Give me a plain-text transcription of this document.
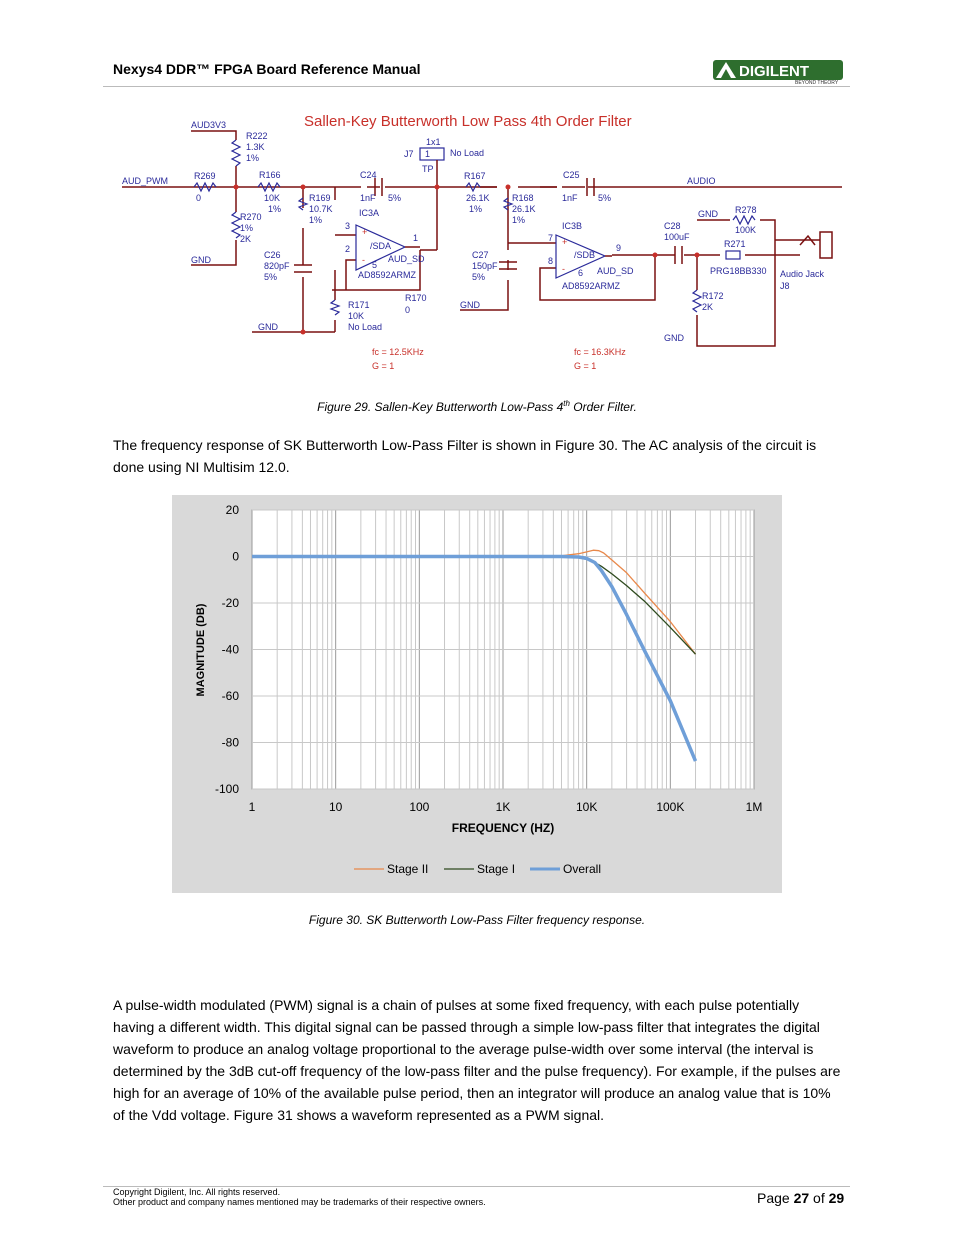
Nexys4 DDR™ FPGA Board Reference Manual	DIGILENT
BEYOND THEORY
Sallen-Key Butterworth Low Pass 4th Order Filter
AUD3V3
R222
1.3K
1%
AUD_PWM	R269
0
R270
1%
2K
GND
R166
10K
1%
R169
10.7K
1%
C24
1nF 5%
J7
1x1
1 No Load
TP
IC3A
3
2
1
+
-
/SDA
5
AUD_SD
AD8592ARMZ
C26
820pF
5%
GND
R171
10K
No Load
R170
0
R167
26.1K
1%
R168
26.1K
1%
C25
1nF 5%
C27
150pF
5%
GND
IC3B
7
8
9
+
-
/SDB
6 AUD_SD
AD8592ARMZ
AUDIO
GND R278
100K
C28
100uF
R271
PRG18BB330 Audio Jack
J8
R172
2K
GND
fc = 12.5KHz
G = 1
fc = 16.3KHz
G = 1
Figure 29. Sallen-Key Butterworth Low-Pass 4th Order Filter.
The frequency response of SK Butterworth Low-Pass Filter is shown in Figure 30. The AC analysis of the circuit is done using NI Multisim 12.0.
20
0
-20
-40
-60
-80
-100
1	10	100	1K	10K	100K	1M
MAGNITUDE (DB)
FREQUENCY (HZ)
Stage II	Stage I	Overall
Figure 30. SK Butterworth Low-Pass Filter frequency response.
A pulse-width modulated (PWM) signal is a chain of pulses at some fixed frequency, with each pulse potentially having a different width. This digital signal can be passed through a simple low-pass filter that integrates the digital waveform to produce an analog voltage proportional to the average pulse-width over some interval (the interval is determined by the 3dB cut-off frequency of the low-pass filter and the pulse frequency). For example, if the pulses are high for an average of 10% of the available pulse period, then an integrator will produce an analog value that is 10% of the Vdd voltage. Figure 31 shows a waveform represented as a PWM signal.
Copyright Digilent, Inc. All rights reserved.
Other product and company names mentioned may be trademarks of their respective owners.	Page 27 of 29
